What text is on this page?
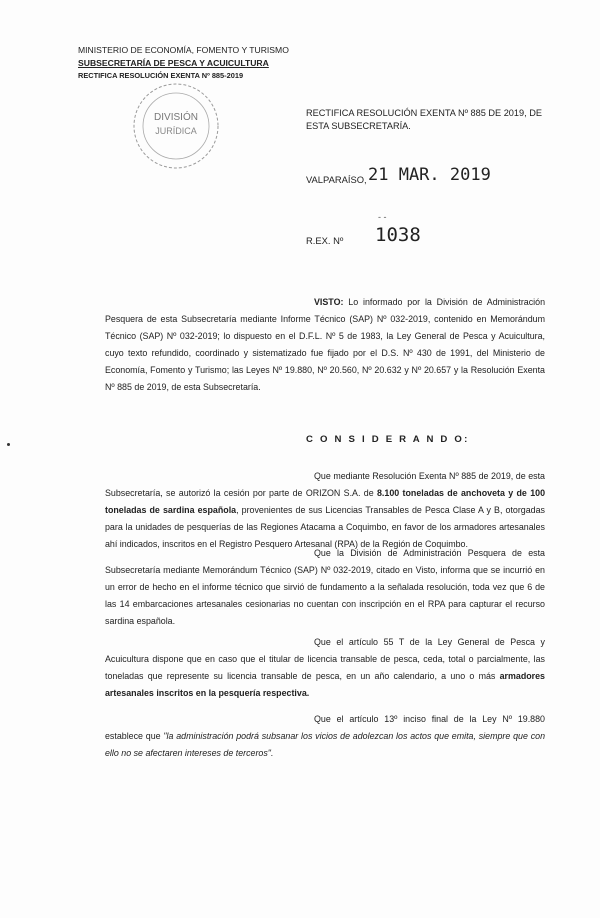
MINISTERIO DE ECONOMÍA, FOMENTO Y TURISMO
SUBSECRETARÍA DE PESCA Y ACUICULTURA
RECTIFICA RESOLUCIÓN EXENTA Nº 885-2019
DIVISIÓN
JURÍDICA
RECTIFICA RESOLUCIÓN EXENTA Nº 885 DE 2019, DE ESTA SUBSECRETARÍA.
VALPARAÍSO, 21 MAR. 2019
- -
R.EX. Nº 1038

VISTO: Lo informado por la División de Administración Pesquera de esta Subsecretaría mediante Informe Técnico (SAP) Nº 032-2019, contenido en Memorándum Técnico (SAP) Nº 032-2019; lo dispuesto en el D.F.L. Nº 5 de 1983, la Ley General de Pesca y Acuicultura, cuyo texto refundido, coordinado y sistematizado fue fijado por el D.S. Nº 430 de 1991, del Ministerio de Economía, Fomento y Turismo; las Leyes Nº 19.880, Nº 20.560, Nº 20.632 y Nº 20.657 y la Resolución Exenta Nº 885 de 2019, de esta Subsecretaría.

C O N S I D E R A N D O:

Que mediante Resolución Exenta Nº 885 de 2019, de esta Subsecretaría, se autorizó la cesión por parte de ORIZON S.A. de 8.100 toneladas de anchoveta y de 100 toneladas de sardina española, provenientes de sus Licencias Transables de Pesca Clase A y B, otorgadas para la unidades de pesquerías de las Regiones Atacama a Coquimbo, en favor de los armadores artesanales ahí indicados, inscritos en el Registro Pesquero Artesanal (RPA) de la Región de Coquimbo.

Que la División de Administración Pesquera de esta Subsecretaría mediante Memorándum Técnico (SAP) Nº 032-2019, citado en Visto, informa que se incurrió en un error de hecho en el informe técnico que sirvió de fundamento a la señalada resolución, toda vez que 6 de las 14 embarcaciones artesanales cesionarias no cuentan con inscripción en el RPA para capturar el recurso sardina española.

Que el artículo 55 T de la Ley General de Pesca y Acuicultura dispone que en caso que el titular de licencia transable de pesca, ceda, total o parcialmente, las toneladas que represente su licencia transable de pesca, en un año calendario, a uno o más armadores artesanales inscritos en la pesquería respectiva.

Que el artículo 13º inciso final de la Ley Nº 19.880 establece que "la administración podrá subsanar los vicios de adolezcan los actos que emita, siempre que con ello no se afectaren intereses de terceros".
